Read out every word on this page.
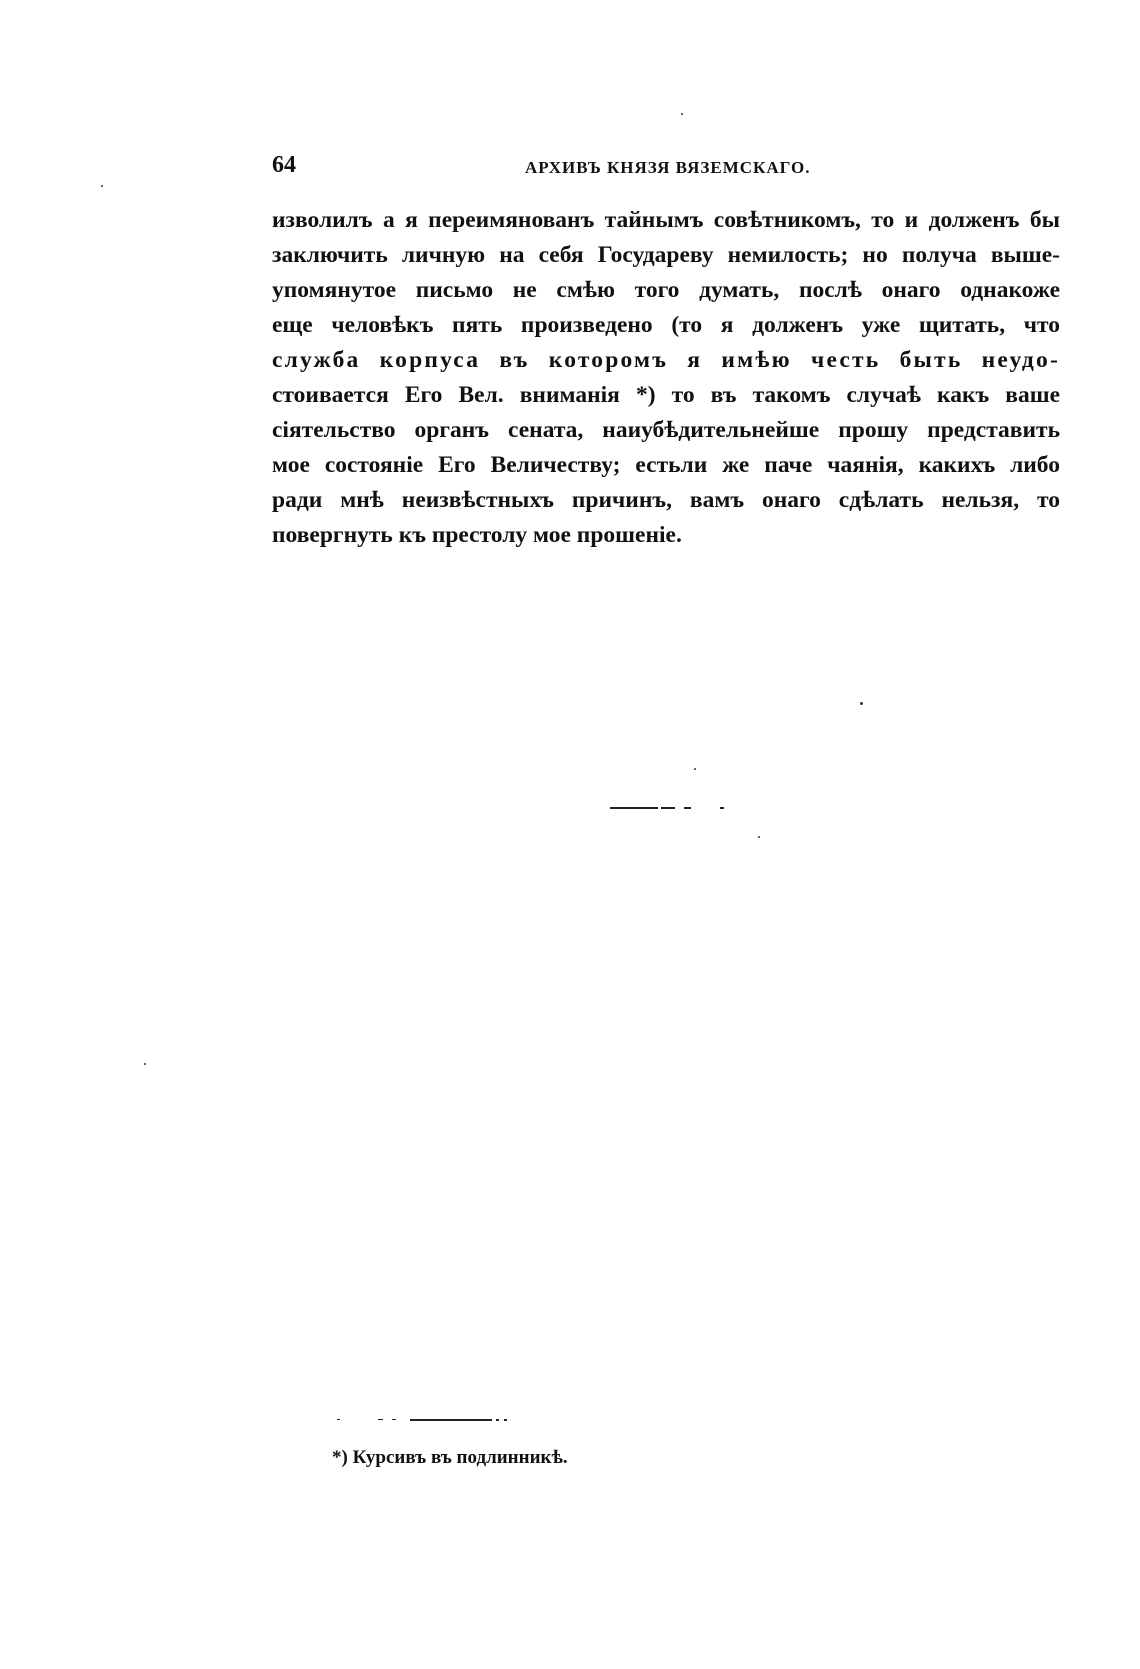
64	АРХИВЪ КНЯЗЯ ВЯЗЕМСКАГО.
изволилъ а я переимянованъ тайнымъ совѣтникомъ, то и долженъ бы
заключить личную на себя Государеву немилость; но получа выше-
упомянутое письмо не смѣю того думать, послѣ онаго однакоже
еще человѣкъ пять произведено (то я долженъ уже щитать, что
служба корпуса въ которомъ я имѣю честь быть неудо-
стоивается Его Вел. вниманія *) то въ такомъ случаѣ какъ ваше
сіятельство органъ сената, наиубѣдительнейше прошу представить
мое состояніе Его Величеству; естьли же паче чаянія, какихъ либо
ради мнѣ неизвѣстныхъ причинъ, вамъ онаго сдѣлать нельзя, то
повергнуть къ престолу мое прошеніе.
*) Курсивъ въ подлинникѣ.
